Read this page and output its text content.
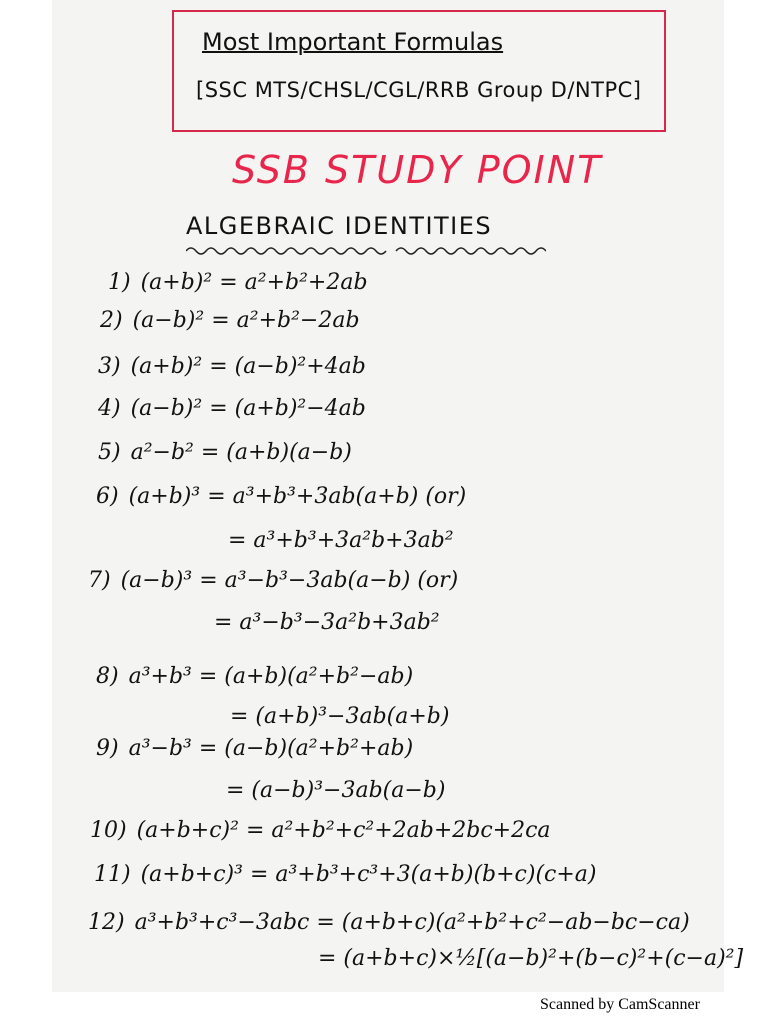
Most Important Formulas
[SSC MTS/CHSL/CGL/RRB Group D/NTPC]
SSB STUDY POINT
ALGEBRAIC IDENTITIES
1) (a+b)² = a²+b²+2ab
2) (a−b)² = a²+b²−2ab
3) (a+b)² = (a−b)²+4ab
4) (a−b)² = (a+b)²−4ab
5) a²−b² = (a+b)(a−b)
6) (a+b)³ = a³+b³+3ab(a+b) (or)
= a³+b³+3a²b+3ab²
7) (a−b)³ = a³−b³−3ab(a−b) (or)
= a³−b³−3a²b+3ab²
8) a³+b³ = (a+b)(a²+b²−ab)
= (a+b)³−3ab(a+b)
9) a³−b³ = (a−b)(a²+b²+ab)
= (a−b)³−3ab(a−b)
10) (a+b+c)² = a²+b²+c²+2ab+2bc+2ca
11) (a+b+c)³ = a³+b³+c³+3(a+b)(b+c)(c+a)
12) a³+b³+c³−3abc = (a+b+c)(a²+b²+c²−ab−bc−ca)
= (a+b+c)×½[(a−b)²+(b−c)²+(c−a)²]
Scanned by CamScanner
